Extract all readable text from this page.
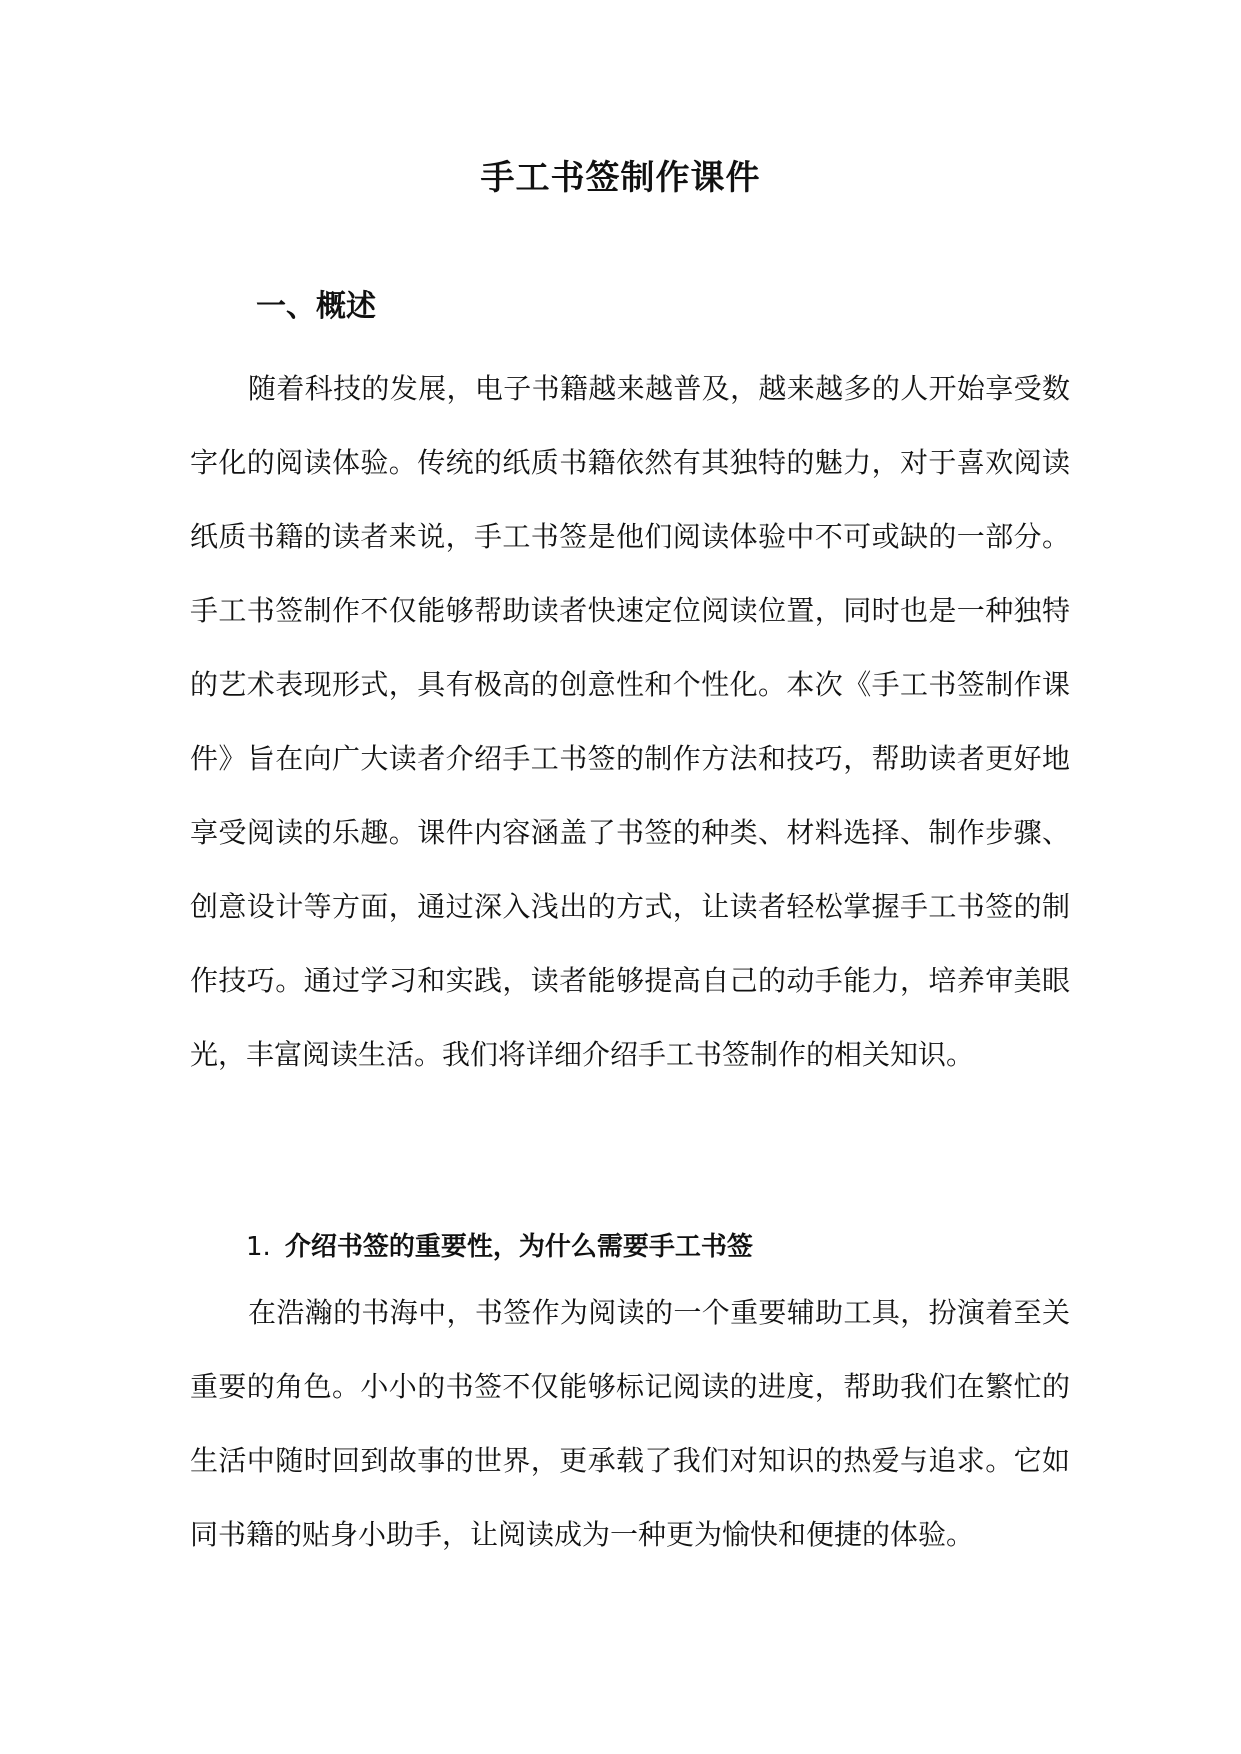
手工书签制作课件
一、概述

随着科技的发展，电子书籍越来越普及，越来越多的人开始享受数字化的阅读体验。传统的纸质书籍依然有其独特的魅力，对于喜欢阅读纸质书籍的读者来说，手工书签是他们阅读体验中不可或缺的一部分。手工书签制作不仅能够帮助读者快速定位阅读位置，同时也是一种独特的艺术表现形式，具有极高的创意性和个性化。本次《手工书签制作课件》旨在向广大读者介绍手工书签的制作方法和技巧，帮助读者更好地享受阅读的乐趣。课件内容涵盖了书签的种类、材料选择、制作步骤、创意设计等方面，通过深入浅出的方式，让读者轻松掌握手工书签的制作技巧。通过学习和实践，读者能够提高自己的动手能力，培养审美眼光，丰富阅读生活。我们将详细介绍手工书签制作的相关知识。

1. 介绍书签的重要性，为什么需要手工书签

在浩瀚的书海中，书签作为阅读的一个重要辅助工具，扮演着至关重要的角色。小小的书签不仅能够标记阅读的进度，帮助我们在繁忙的生活中随时回到故事的世界，更承载了我们对知识的热爱与追求。它如同书籍的贴身小助手，让阅读成为一种更为愉快和便捷的体验。
